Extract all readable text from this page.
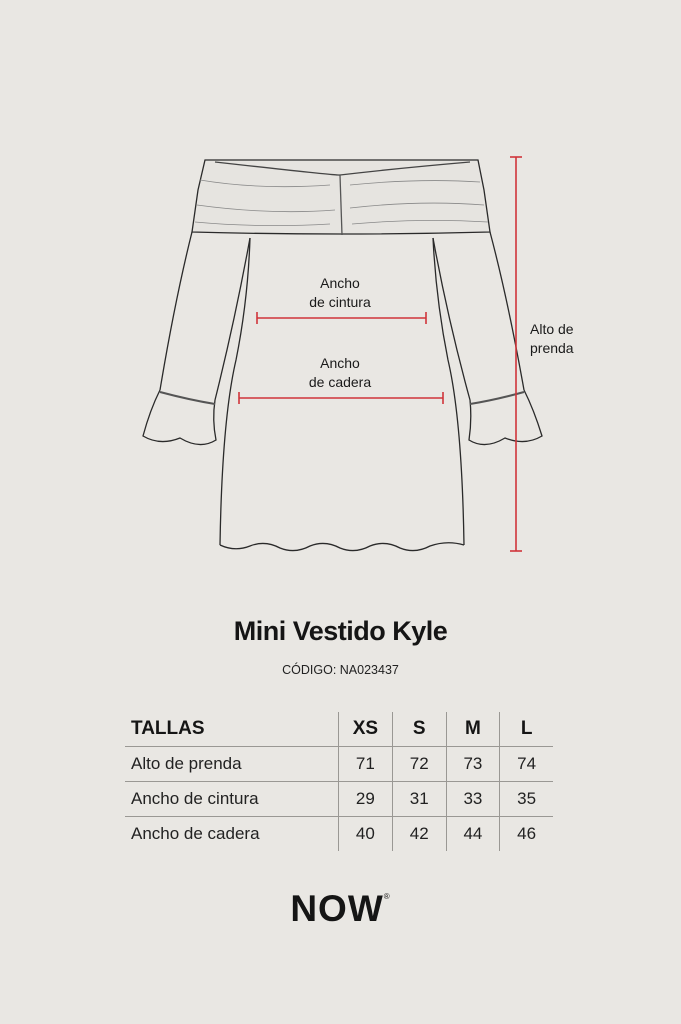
Ancho
de cintura
Ancho
de cadera
Alto de
prenda
Mini Vestido Kyle
CÓDIGO: NA023437
TALLAS	XS	S	M	L
Alto de prenda	71	72	73	74
Ancho de cintura	29	31	33	35
Ancho de cadera	40	42	44	46
NOW®
